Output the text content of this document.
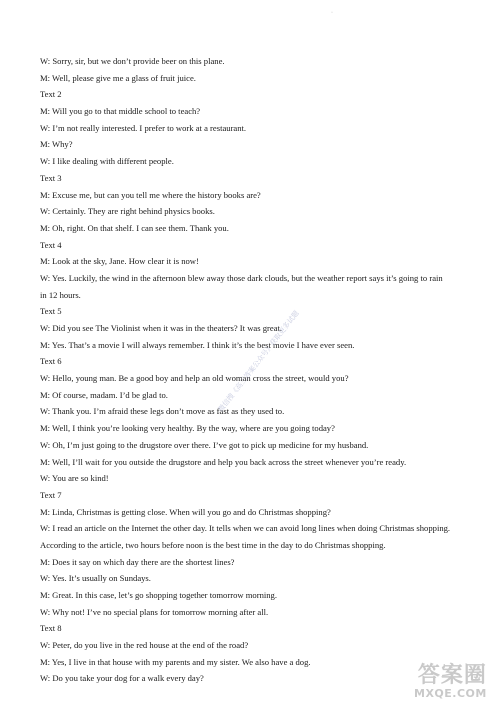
·
W: Sorry, sir, but we don’t provide beer on this plane.
M: Well, please give me a glass of fruit juice.
Text 2
M: Will you go to that middle school to teach?
W: I’m not really interested. I prefer to work at a restaurant.
M: Why?
W: I like dealing with different people.
Text 3
M: Excuse me, but can you tell me where the history books are?
W: Certainly. They are right behind physics books.
M: Oh, right. On that shelf. I can see them. Thank you.
Text 4
M: Look at the sky, Jane. How clear it is now!
W: Yes. Luckily, the wind in the afternoon blew away those dark clouds, but the weather report says it’s going to rain
in 12 hours.
Text 5
W: Did you see The Violinist when it was in the theaters? It was great.
M: Yes. That’s a movie I will always remember. I think it’s the best movie I have ever seen.
Text 6
W: Hello, young man. Be a good boy and help an old woman cross the street, would you?
M: Of course, madam. I’d be glad to.
W: Thank you. I’m afraid these legs don’t move as fast as they used to.
M: Well, I think you’re looking very healthy. By the way, where are you going today?
W: Oh, I’m just going to the drugstore over there. I’ve got to pick up medicine for my husband.
M: Well, I’ll wait for you outside the drugstore and help you back across the street whenever you’re ready.
W: You are so kind!
Text 7
M: Linda, Christmas is getting close. When will you go and do Christmas shopping?
W: I read an article on the Internet the other day. It tells when we can avoid long lines when doing Christmas shopping.
According to the article, two hours before noon is the best time in the day to do Christmas shopping.
M: Does it say on which day there are the shortest lines?
W: Yes. It’s usually on Sundays.
M: Great. In this case, let’s go shopping together tomorrow morning.
W: Why not! I’ve no special plans for tomorrow morning after all.
Text 8
W: Peter, do you live in the red house at the end of the road?
M: Yes, I live in that house with my parents and my sister. We also have a dog.
W: Do you take your dog for a walk every day?
微信搜《高三答案公众号》获取更多试题
答案圈
MXQE.COM
